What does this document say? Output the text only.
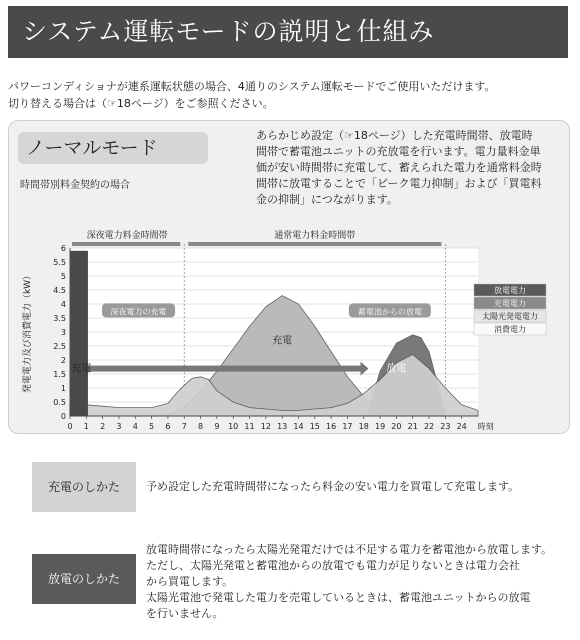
システム運転モードの説明と仕組み
パワーコンディショナが連系運転状態の場合、4通りのシステム運転モードでご使用いただけます。
切り替える場合は（☞18ページ）をご参照ください。
ノーマルモード
時間帯別料金契約の場合
あらかじめ設定（☞18ページ）した充電時間帯、放電時
間帯で蓄電池ユニットの充放電を行います。電力量料金単
価が安い時間帯に充電して、蓄えられた電力を通常料金時
間帯に放電することで「ピーク電力抑制」および「買電料
金の抑制」につながります。
0
0.5
1
1.5
2
2.5
3
3.5
4
4.5
5
5.5
6
0 1 2 3 4 5 6 7 8 9 10 11 12 13 14 15 16 17 18 19 20 21 22 23 24 時刻
発電電力及び消費電力（kW）
深夜電力料金時間帯	通常電力料金時間帯
深夜電力の充電	蓄電池からの放電
充電
放電
充電
放電電力
充電電力
太陽光発電電力
消費電力
充電のしかた	予め設定した充電時間帯になったら料金の安い電力を買電して充電します。
放電のしかた
放電時間帯になったら太陽光発電だけでは不足する電力を蓄電池から放電します。
ただし、太陽光発電と蓄電池からの放電でも電力が足りないときは電力会社
から買電します。
太陽光電池で発電した電力を売電しているときは、蓄電池ユニットからの放電
を行いません。
